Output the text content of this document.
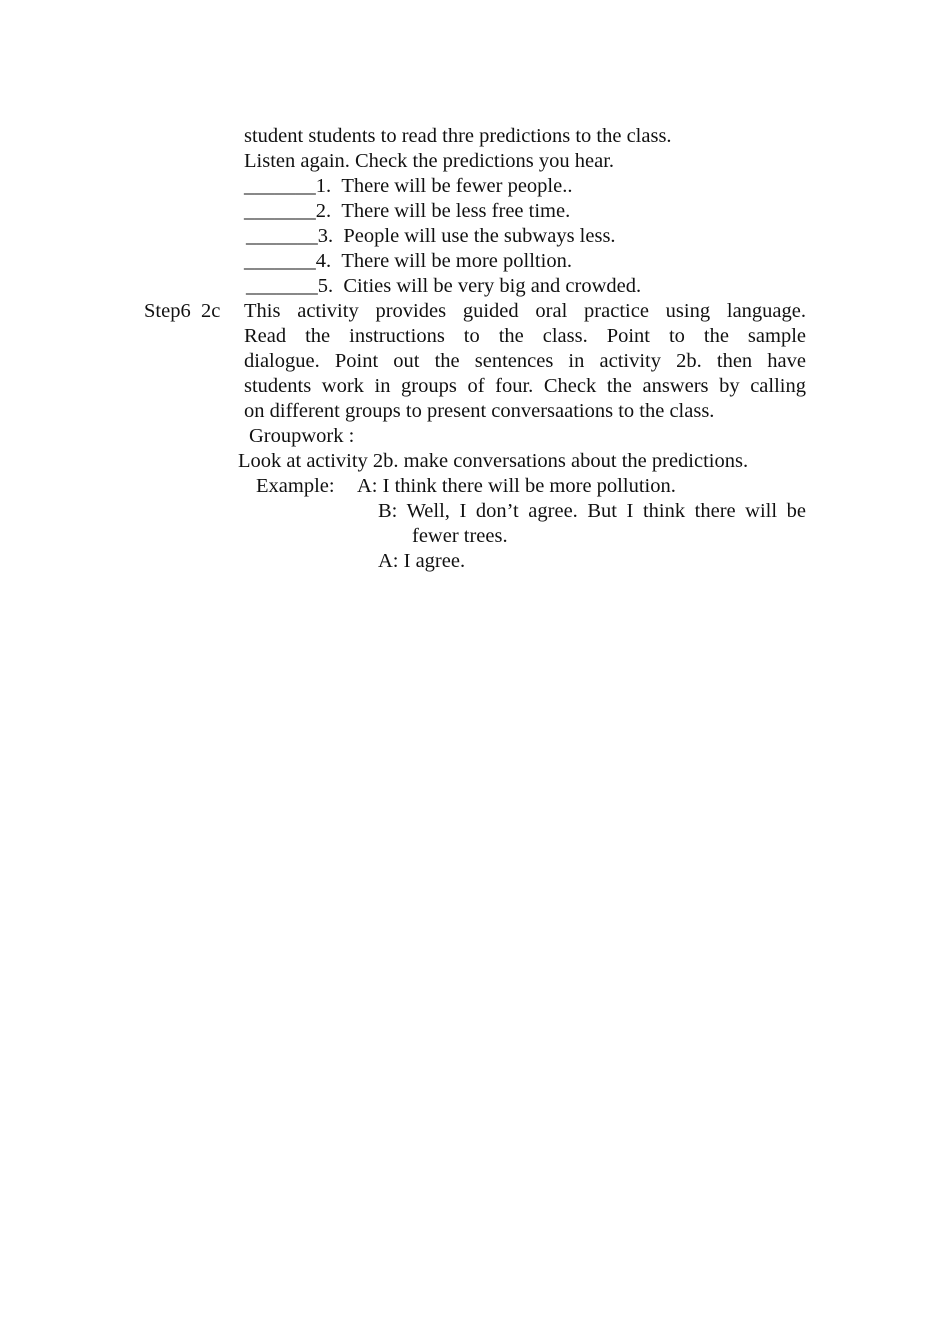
student students to read thre predictions to the class.
Listen again. Check the predictions you hear.
_______1. There will be fewer people..
_______2. There will be less free time.
_______3. People will use the subways less.
_______4. There will be more polltion.
_______5. Cities will be very big and crowded.
Step6 2c This activity provides guided oral practice using language.
Read the instructions to the class. Point to the sample
dialogue. Point out the sentences in activity 2b. then have
students work in groups of four. Check the answers by calling
on different groups to present conversaations to the class.
Groupwork :
Look at activity 2b. make conversations about the predictions.
Example: A: I think there will be more pollution.
B: Well, I don’t agree. But I think there will be
fewer trees.
A: I agree.
